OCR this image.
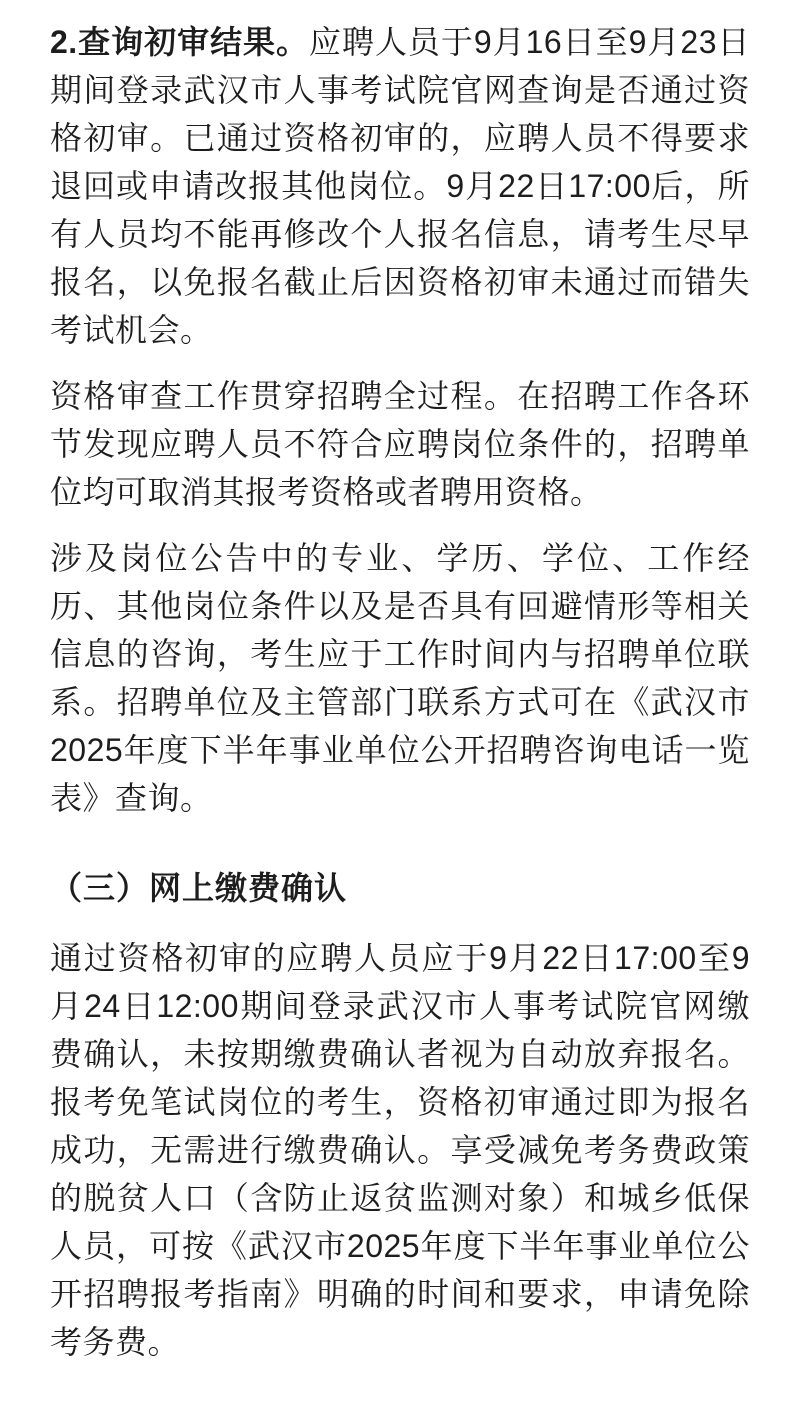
2.查询初审结果。应聘人员于9月16日至9月23日期间登录武汉市人事考试院官网查询是否通过资格初审。已通过资格初审的，应聘人员不得要求退回或申请改报其他岗位。9月22日17:00后，所有人员均不能再修改个人报名信息，请考生尽早报名，以免报名截止后因资格初审未通过而错失考试机会。

资格审查工作贯穿招聘全过程。在招聘工作各环节发现应聘人员不符合应聘岗位条件的，招聘单位均可取消其报考资格或者聘用资格。

涉及岗位公告中的专业、学历、学位、工作经历、其他岗位条件以及是否具有回避情形等相关信息的咨询，考生应于工作时间内与招聘单位联系。招聘单位及主管部门联系方式可在《武汉市2025年度下半年事业单位公开招聘咨询电话一览表》查询。

（三）网上缴费确认

通过资格初审的应聘人员应于9月22日17:00至9月24日12:00期间登录武汉市人事考试院官网缴费确认，未按期缴费确认者视为自动放弃报名。报考免笔试岗位的考生，资格初审通过即为报名成功，无需进行缴费确认。享受减免考务费政策的脱贫人口（含防止返贫监测对象）和城乡低保人员，可按《武汉市2025年度下半年事业单位公开招聘报考指南》明确的时间和要求，申请免除考务费。
